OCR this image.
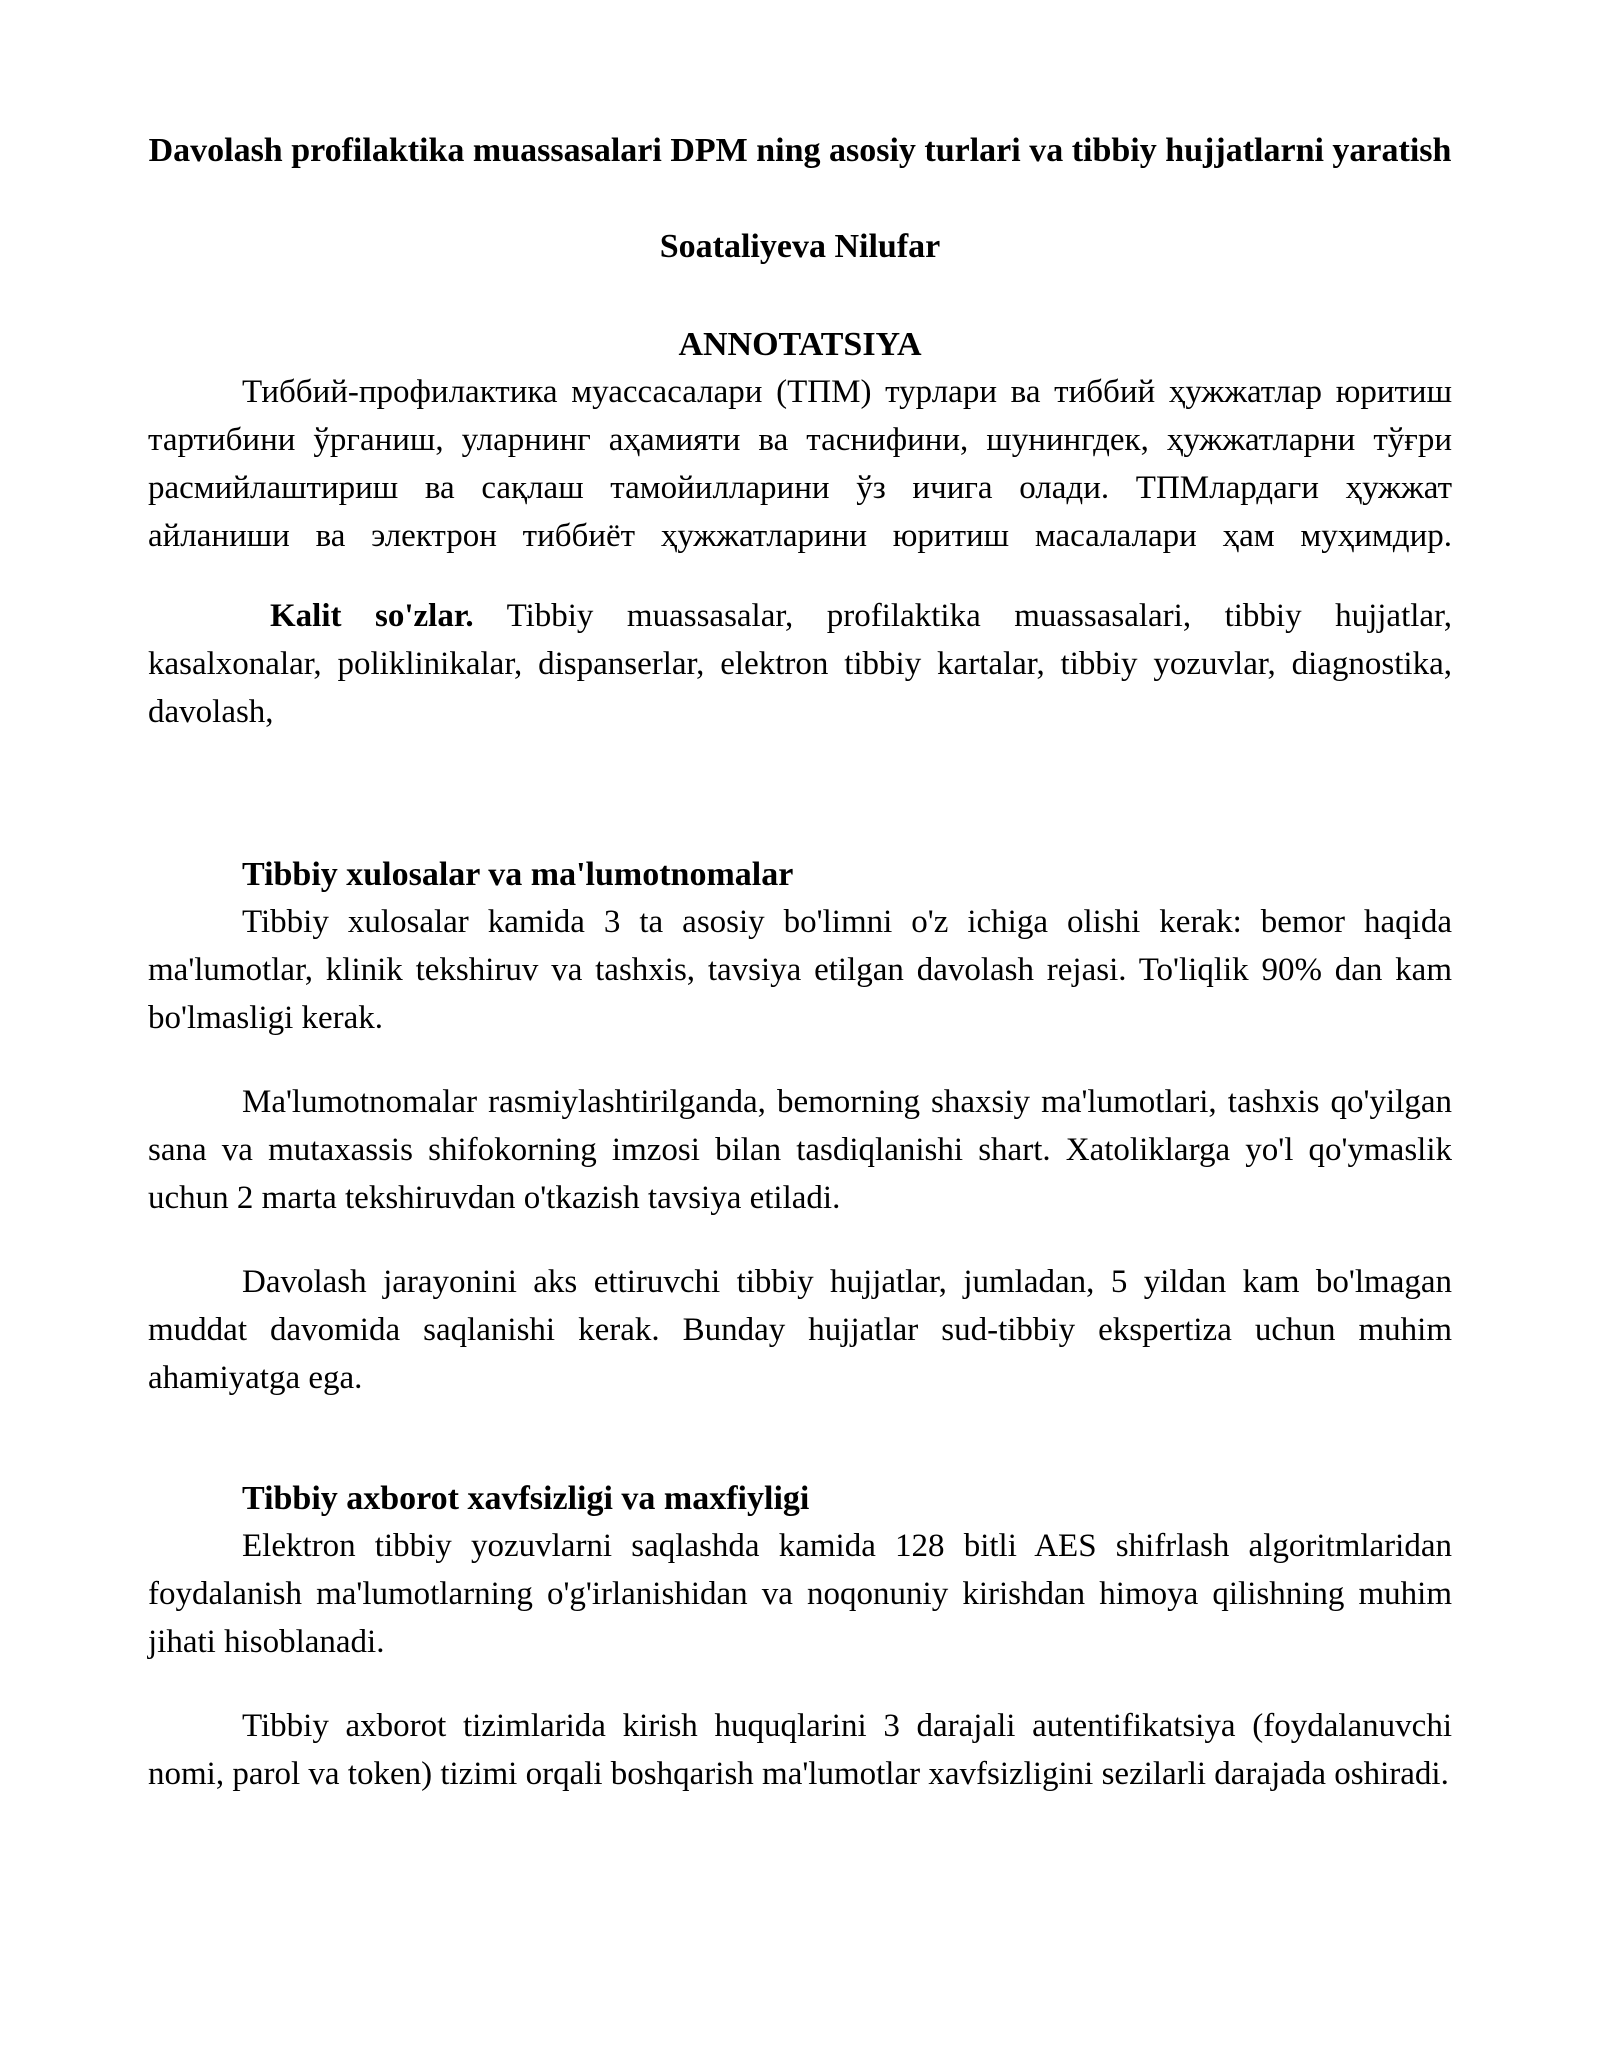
Davolash profilaktika muassasalari DPM ning asosiy turlari va tibbiy hujjatlarni yaratish
Soataliyeva Nilufar
ANNOTATSIYA

Тиббий-профилактика муассасалари (ТПМ) турлари ва тиббий ҳужжатлар юритиш тартибини ўрганиш, уларнинг аҳамияти ва таснифини, шунингдек, ҳужжатларни тўғри расмийлаштириш ва сақлаш тамойилларини ўз ичига олади. ТПМлардаги ҳужжат айланиши ва электрон тиббиёт ҳужжатларини юритиш масалалари ҳам муҳимдир.

Kalit so'zlar. Tibbiy muassasalar, profilaktika muassasalari, tibbiy hujjatlar, kasalxonalar, poliklinikalar, dispanserlar, elektron tibbiy kartalar, tibbiy yozuvlar, diagnostika, davolash,

Tibbiy xulosalar va ma'lumotnomalar

Tibbiy xulosalar kamida 3 ta asosiy bo'limni o'z ichiga olishi kerak: bemor haqida ma'lumotlar, klinik tekshiruv va tashxis, tavsiya etilgan davolash rejasi. To'liqlik 90% dan kam bo'lmasligi kerak.

Ma'lumotnomalar rasmiylashtirilganda, bemorning shaxsiy ma'lumotlari, tashxis qo'yilgan sana va mutaxassis shifokorning imzosi bilan tasdiqlanishi shart. Xatoliklarga yo'l qo'ymaslik uchun 2 marta tekshiruvdan o'tkazish tavsiya etiladi.

Davolash jarayonini aks ettiruvchi tibbiy hujjatlar, jumladan, 5 yildan kam bo'lmagan muddat davomida saqlanishi kerak. Bunday hujjatlar sud-tibbiy ekspertiza uchun muhim ahamiyatga ega.

Tibbiy axborot xavfsizligi va maxfiyligi

Elektron tibbiy yozuvlarni saqlashda kamida 128 bitli AES shifrlash algoritmlaridan foydalanish ma'lumotlarning o'g'irlanishidan va noqonuniy kirishdan himoya qilishning muhim jihati hisoblanadi.

Tibbiy axborot tizimlarida kirish huquqlarini 3 darajali autentifikatsiya (foydalanuvchi nomi, parol va token) tizimi orqali boshqarish ma'lumotlar xavfsizligini sezilarli darajada oshiradi.
